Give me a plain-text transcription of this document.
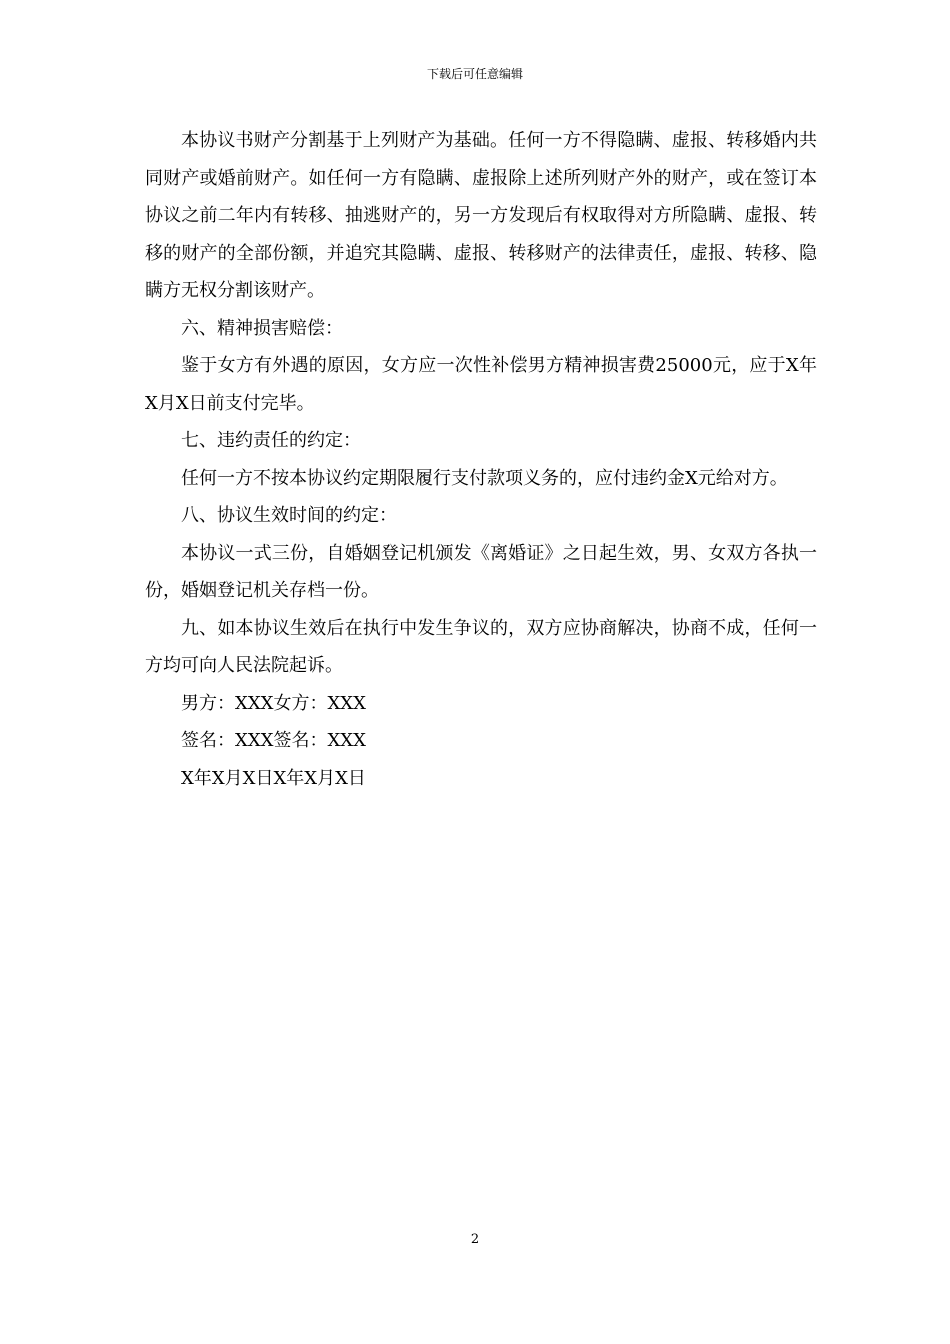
下载后可任意编辑

本协议书财产分割基于上列财产为基础。任何一方不得隐瞒、虚报、转移婚内共同财产或婚前财产。如任何一方有隐瞒、虚报除上述所列财产外的财产，或在签订本协议之前二年内有转移、抽逃财产的，另一方发现后有权取得对方所隐瞒、虚报、转移的财产的全部份额，并追究其隐瞒、虚报、转移财产的法律责任，虚报、转移、隐瞒方无权分割该财产。

六、精神损害赔偿：

鉴于女方有外遇的原因，女方应一次性补偿男方精神损害费25000元，应于X年X月X日前支付完毕。

七、违约责任的约定：

任何一方不按本协议约定期限履行支付款项义务的，应付违约金X元给对方。

八、协议生效时间的约定：

本协议一式三份，自婚姻登记机颁发《离婚证》之日起生效，男、女双方各执一份，婚姻登记机关存档一份。

九、如本协议生效后在执行中发生争议的，双方应协商解决，协商不成，任何一方均可向人民法院起诉。

男方：XXX女方：XXX

签名：XXX签名：XXX

X年X月X日X年X月X日

2
